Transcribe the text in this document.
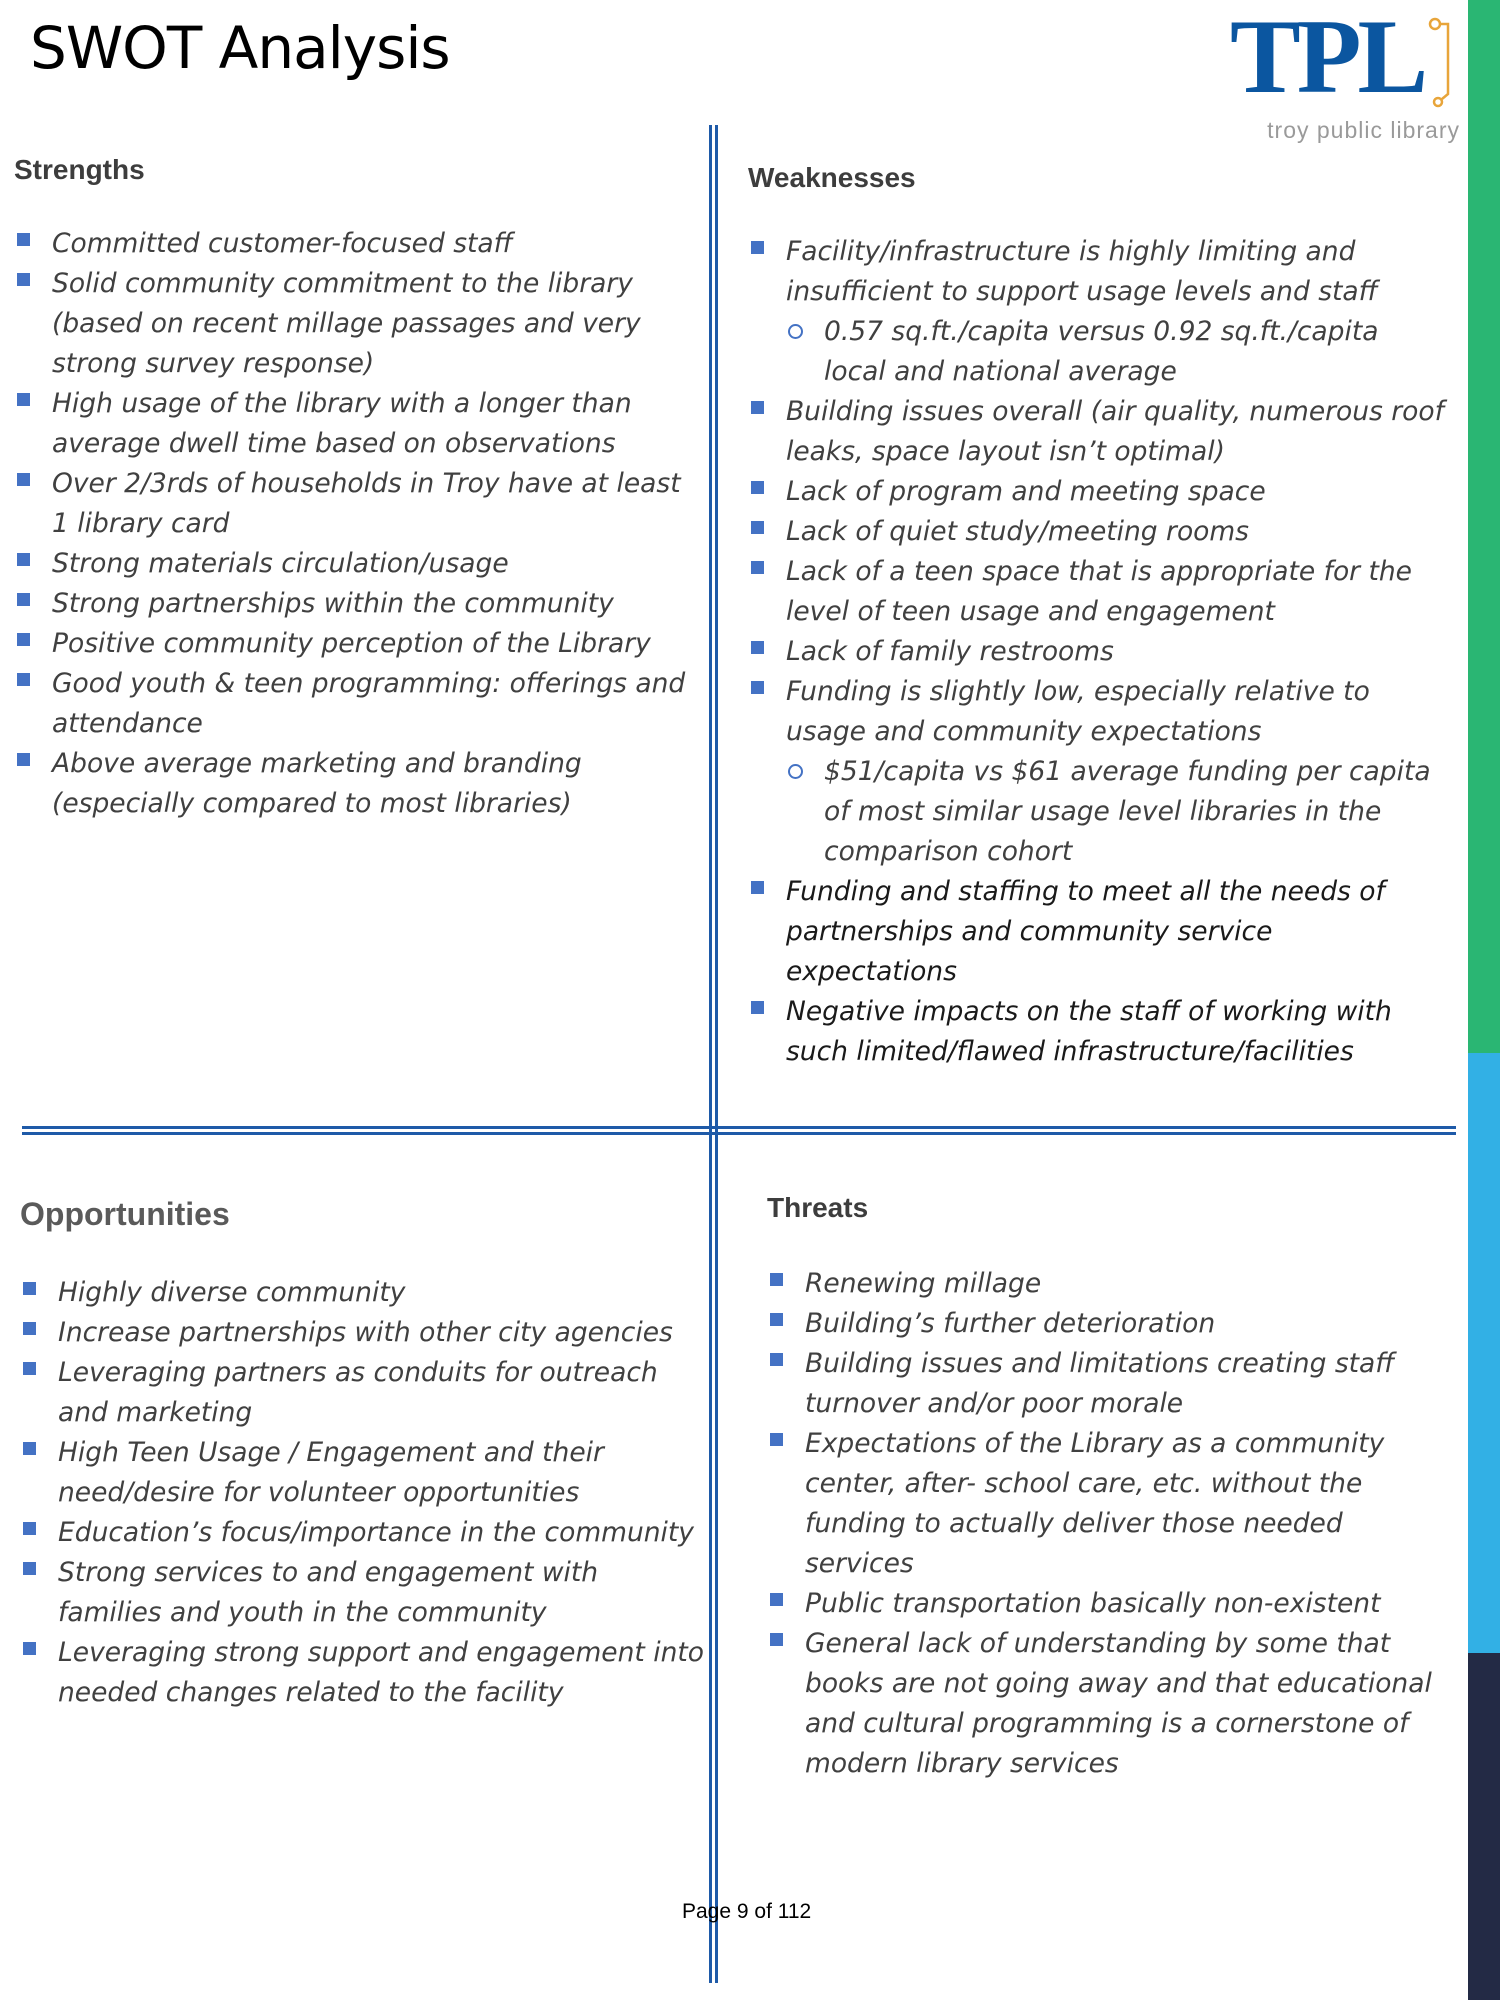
SWOT Analysis	TPL
troy public library
Strengths
Committed customer-focused staff
Solid community commitment to the library (based on recent millage passages and very strong survey response)
High usage of the library with a longer than average dwell time based on observations
Over 2/3rds of households in Troy have at least 1 library card
Strong materials circulation/usage
Strong partnerships within the community
Positive community perception of the Library
Good youth & teen programming: offerings and attendance
Above average marketing and branding (especially compared to most libraries)
Weaknesses
Facility/infrastructure is highly limiting and insufficient to support usage levels and staff
0.57 sq.ft./capita versus 0.92 sq.ft./capita local and national average
Building issues overall (air quality, numerous roof leaks, space layout isn’t optimal)
Lack of program and meeting space
Lack of quiet study/meeting rooms
Lack of a teen space that is appropriate for the level of teen usage and engagement
Lack of family restrooms
Funding is slightly low, especially relative to usage and community expectations
$51/capita vs $61 average funding per capita of most similar usage level libraries in the comparison cohort
Funding and staffing to meet all the needs of partnerships and community service expectations
Negative impacts on the staff of working with such limited/flawed infrastructure/facilities
Opportunities
Highly diverse community
Increase partnerships with other city agencies
Leveraging partners as conduits for outreach and marketing
High Teen Usage / Engagement and their need/desire for volunteer opportunities
Education’s focus/importance in the community
Strong services to and engagement with families and youth in the community
Leveraging strong support and engagement into needed changes related to the facility
Threats
Renewing millage
Building’s further deterioration
Building issues and limitations creating staff turnover and/or poor morale
Expectations of the Library as a community center, after- school care, etc. without the funding to actually deliver those needed services
Public transportation basically non-existent
General lack of understanding by some that books are not going away and that educational and cultural programming is a cornerstone of modern library services
Page 9 of 112
